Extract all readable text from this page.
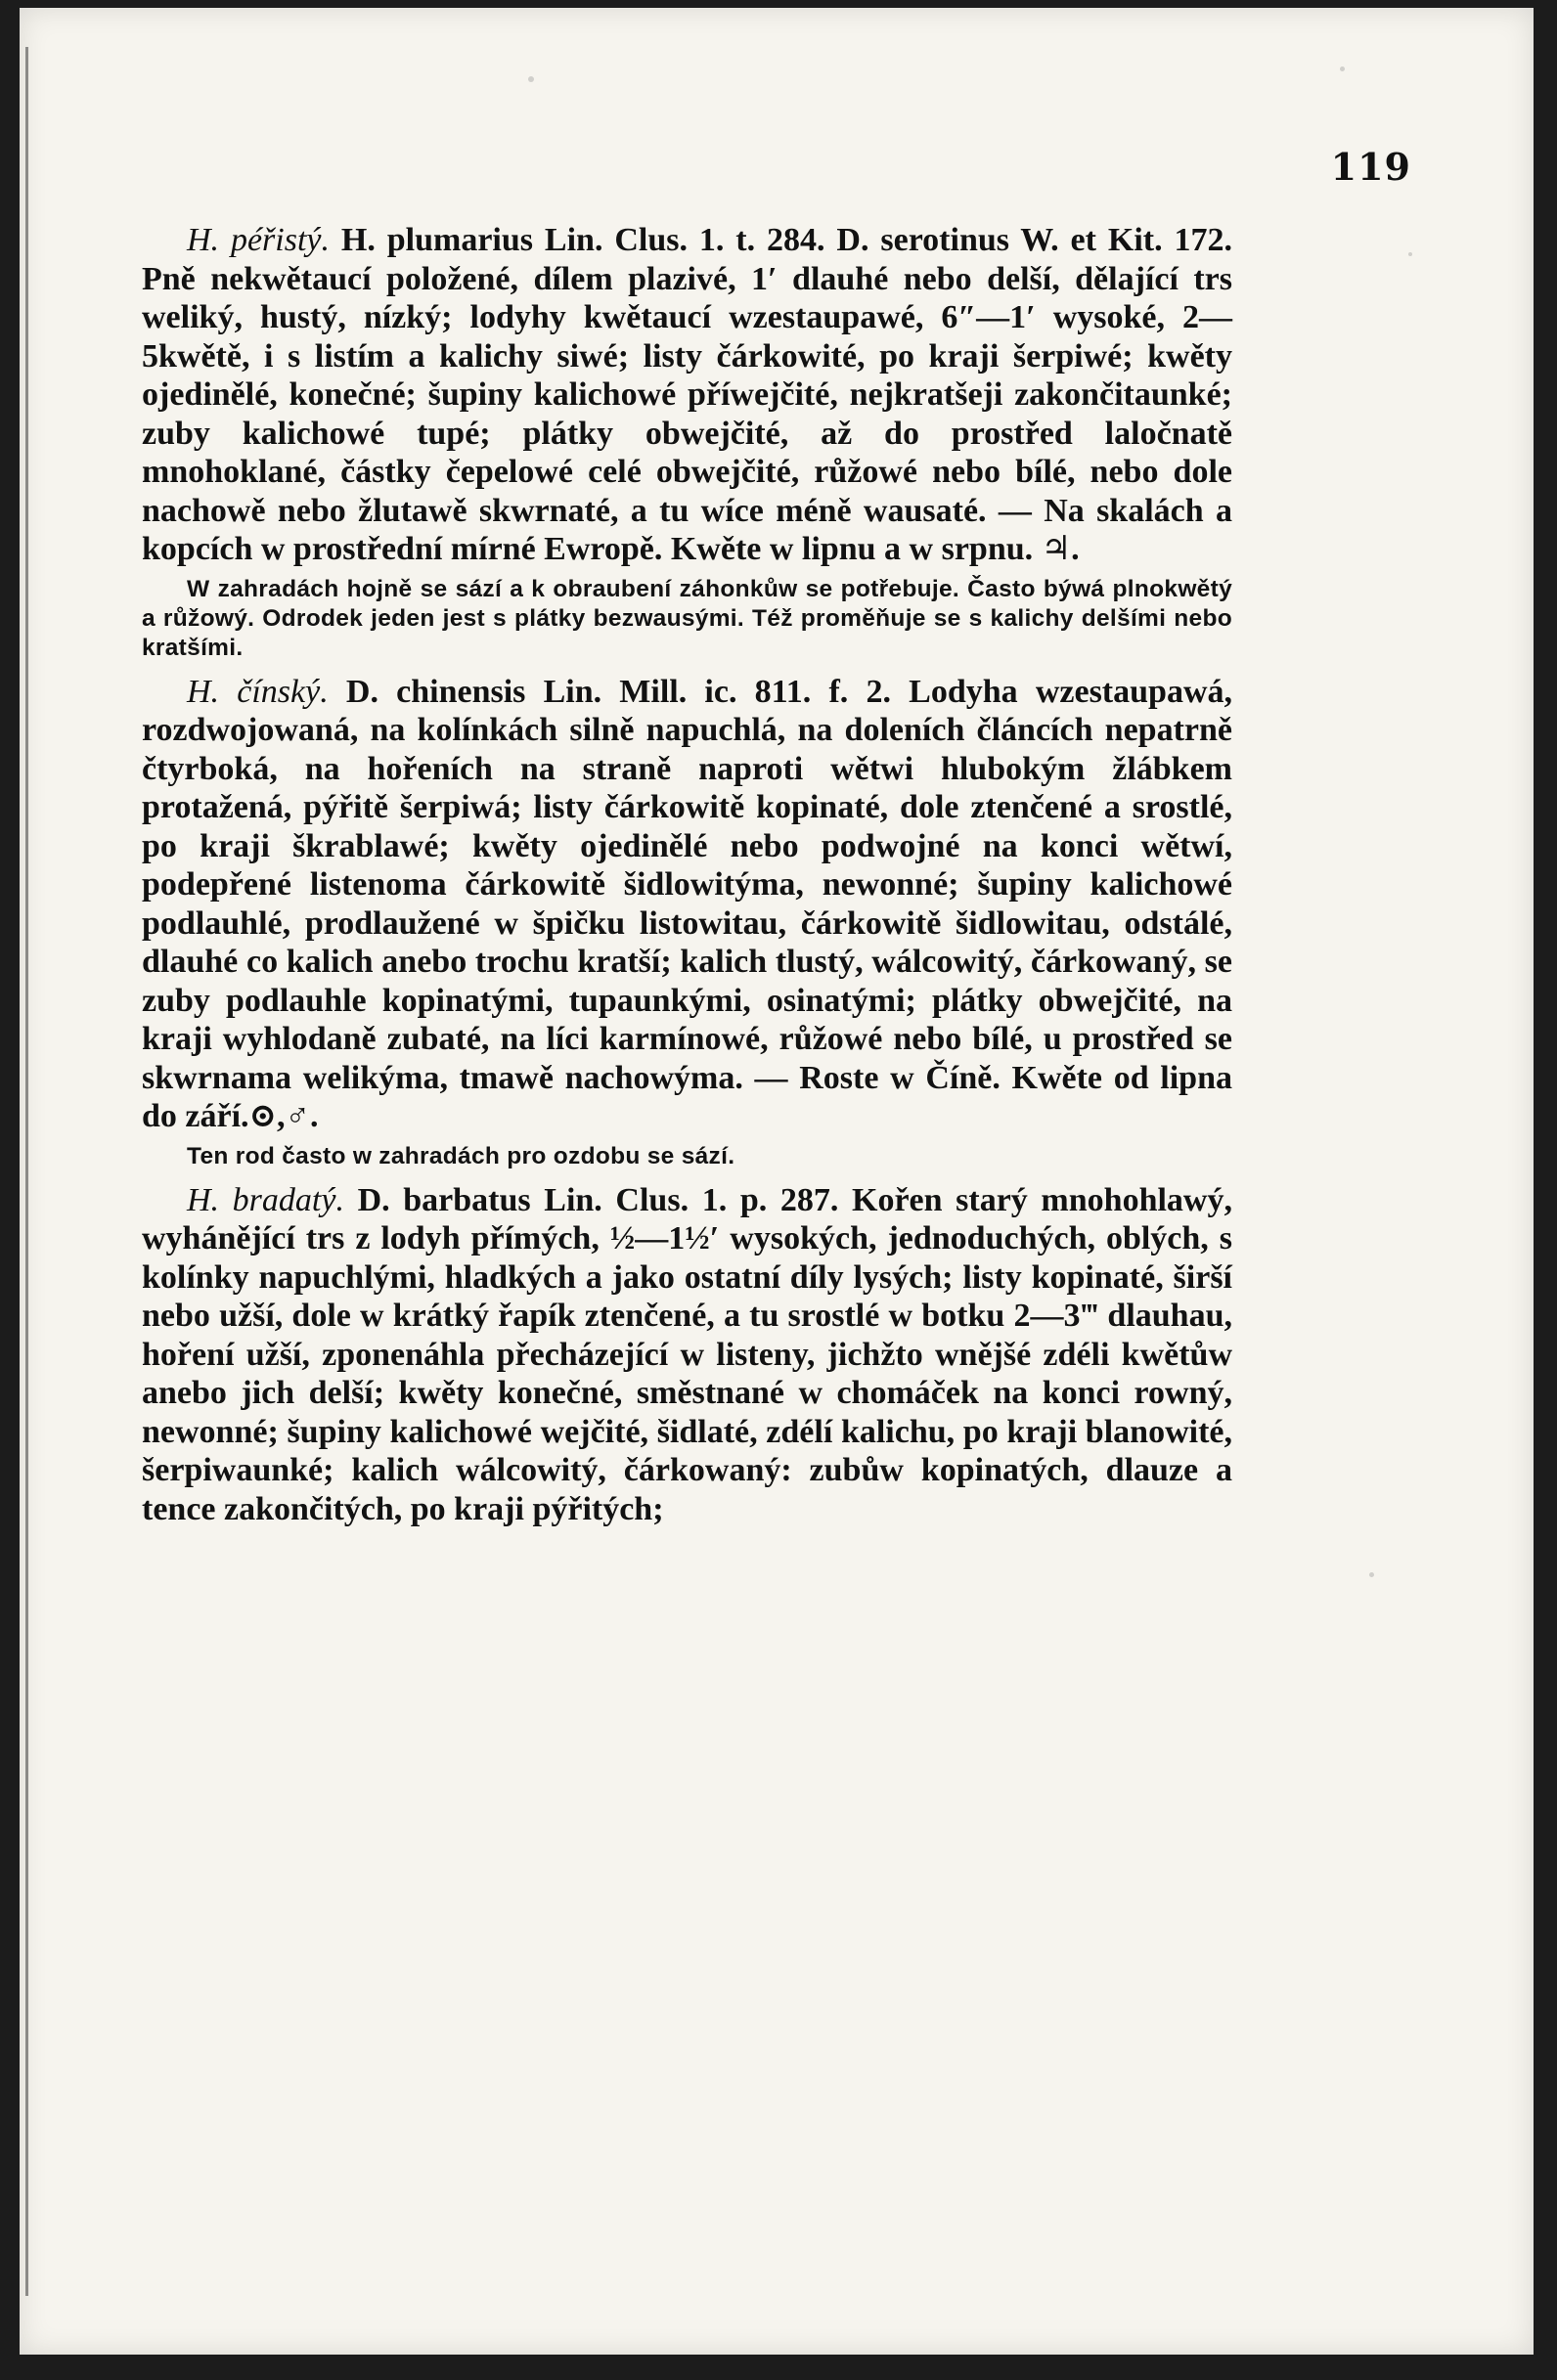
119

H. péřistý. H. plumarius Lin. Clus. 1. t. 284. D. serotinus W. et Kit. 172. Pně nekwětaucí položené, dílem plazivé, 1′ dlauhé nebo delší, dělající trs weliký, hustý, nízký; lodyhy kwětaucí wzestaupawé, 6″—1′ wysoké, 2—5kwětě, i s listím a kalichy siwé; listy čárkowité, po kraji šerpiwé; kwěty ojedinělé, konečné; šupiny kalichowé příwejčité, nejkratšeji zakončitaunké; zuby kalichowé tupé; plátky obwejčité, až do prostřed laločnatě mnohoklané, částky čepelowé celé obwejčité, růžowé nebo bílé, nebo dole nachowě nebo žlutawě skwrnaté, a tu wíce méně wausaté. — Na skalách a kopcích w prostřední mírné Ewropě. Kwěte w lipnu a w srpnu. ♃.

W zahradách hojně se sází a k obraubení záhonkůw se potřebuje. Často býwá plnokwětý a růžowý. Odrodek jeden jest s plátky bezwausými. Též proměňuje se s kalichy delšími nebo kratšími.

H. čínský. D. chinensis Lin. Mill. ic. 811. f. 2. Lodyha wzestaupawá, rozdwojowaná, na kolínkách silně napuchlá, na doleních článcích nepatrně čtyrboká, na hořeních na straně naproti wětwi hlubokým žlábkem protažená, pýřitě šerpiwá; listy čárkowitě kopinaté, dole ztenčené a srostlé, po kraji škrablawé; kwěty ojedinělé nebo podwojné na konci wětwí, podepřené listenoma čárkowitě šidlowitýma, newonné; šupiny kalichowé podlauhlé, prodlaužené w špičku listowitau, čárkowitě šidlowitau, odstálé, dlauhé co kalich anebo trochu kratší; kalich tlustý, wálcowitý, čárkowaný, se zuby podlauhle kopinatými, tupaunkými, osinatými; plátky obwejčité, na kraji wyhlodaně zubaté, na líci karmínowé, růžowé nebo bílé, u prostřed se skwrnama welikýma, tmawě nachowýma. — Roste w Číně. Kwěte od lipna do září.⊙,♂.

Ten rod často w zahradách pro ozdobu se sází.

H. bradatý. D. barbatus Lin. Clus. 1. p. 287. Kořen starý mnohohlawý, wyhánějící trs z lodyh přímých, ½—1½′ wysokých, jednoduchých, oblých, s kolínky napuchlými, hladkých a jako ostatní díly lysých; listy kopinaté, širší nebo užší, dole w krátký řapík ztenčené, a tu srostlé w botku 2—3‴ dlauhau, hoření užší, zponenáhla přecházející w listeny, jichžto wnějšé zdéli kwětůw anebo jich delší; kwěty konečné, směstnané w chomáček na konci rowný, newonné; šupiny kalichowé wejčité, šidlaté, zdélí kalichu, po kraji blanowité, šerpiwaunké; kalich wálcowitý, čárkowaný: zubůw kopinatých, dlauze a tence zakončitých, po kraji pýřitých;
